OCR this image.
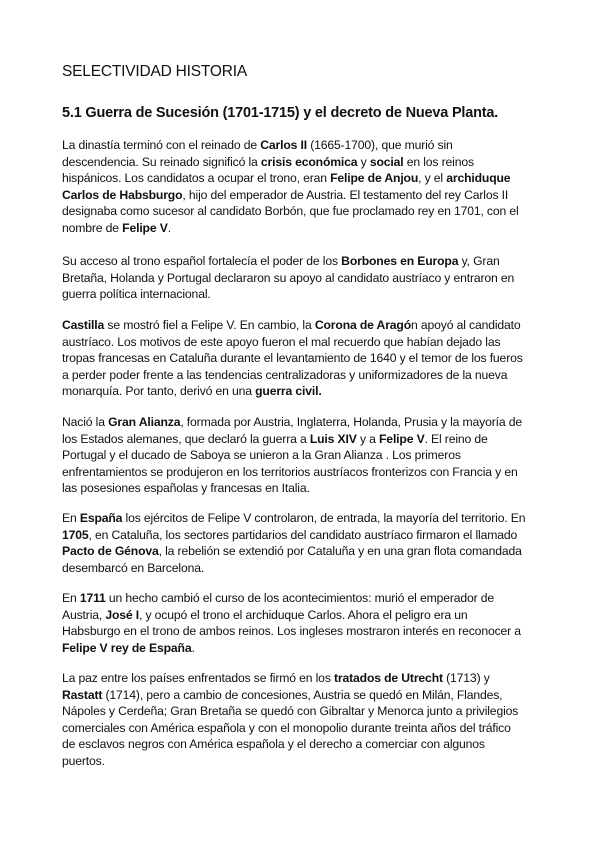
SELECTIVIDAD HISTORIA
5.1 Guerra de Sucesión (1701-1715) y el decreto de Nueva Planta.

La dinastía terminó con el reinado de Carlos II (1665-1700), que murió sin
descendencia. Su reinado significó la crisis económica y social en los reinos
hispánicos. Los candidatos a ocupar el trono, eran Felipe de Anjou, y el archiduque
Carlos de Habsburgo, hijo del emperador de Austria. El testamento del rey Carlos II
designaba como sucesor al candidato Borbón, que fue proclamado rey en 1701, con el
nombre de Felipe V.

Su acceso al trono español fortalecía el poder de los Borbones en Europa y, Gran
Bretaña, Holanda y Portugal declararon su apoyo al candidato austríaco y entraron en
guerra política internacional.

Castilla se mostró fiel a Felipe V. En cambio, la Corona de Aragón apoyó al candidato
austríaco. Los motivos de este apoyo fueron el mal recuerdo que habían dejado las
tropas francesas en Cataluña durante el levantamiento de 1640 y el temor de los fueros
a perder poder frente a las tendencias centralizadoras y uniformizadores de la nueva
monarquía. Por tanto, derivó en una guerra civil.

Nació la Gran Alianza, formada por Austria, Inglaterra, Holanda, Prusia y la mayoría de
los Estados alemanes, que declaró la guerra a Luis XIV y a Felipe V. El reino de
Portugal y el ducado de Saboya se unieron a la Gran Alianza . Los primeros
enfrentamientos se produjeron en los territorios austríacos fronterizos con Francia y en
las posesiones españolas y francesas en Italia.

En España los ejércitos de Felipe V controlaron, de entrada, la mayoría del territorio. En
1705, en Cataluña, los sectores partidarios del candidato austríaco firmaron el llamado
Pacto de Génova, la rebelión se extendió por Cataluña y en una gran flota comandada
desembarcó en Barcelona.

En 1711 un hecho cambió el curso de los acontecimientos: murió el emperador de
Austria, José I, y ocupó el trono el archiduque Carlos. Ahora el peligro era un
Habsburgo en el trono de ambos reinos. Los ingleses mostraron interés en reconocer a
Felipe V rey de España.

La paz entre los países enfrentados se firmó en los tratados de Utrecht (1713) y
Rastatt (1714), pero a cambio de concesiones, Austria se quedó en Milán, Flandes,
Nápoles y Cerdeña; Gran Bretaña se quedó con Gibraltar y Menorca junto a privilegios
comerciales con América española y con el monopolio durante treinta años del tráfico
de esclavos negros con América española y el derecho a comerciar con algunos
puertos.
